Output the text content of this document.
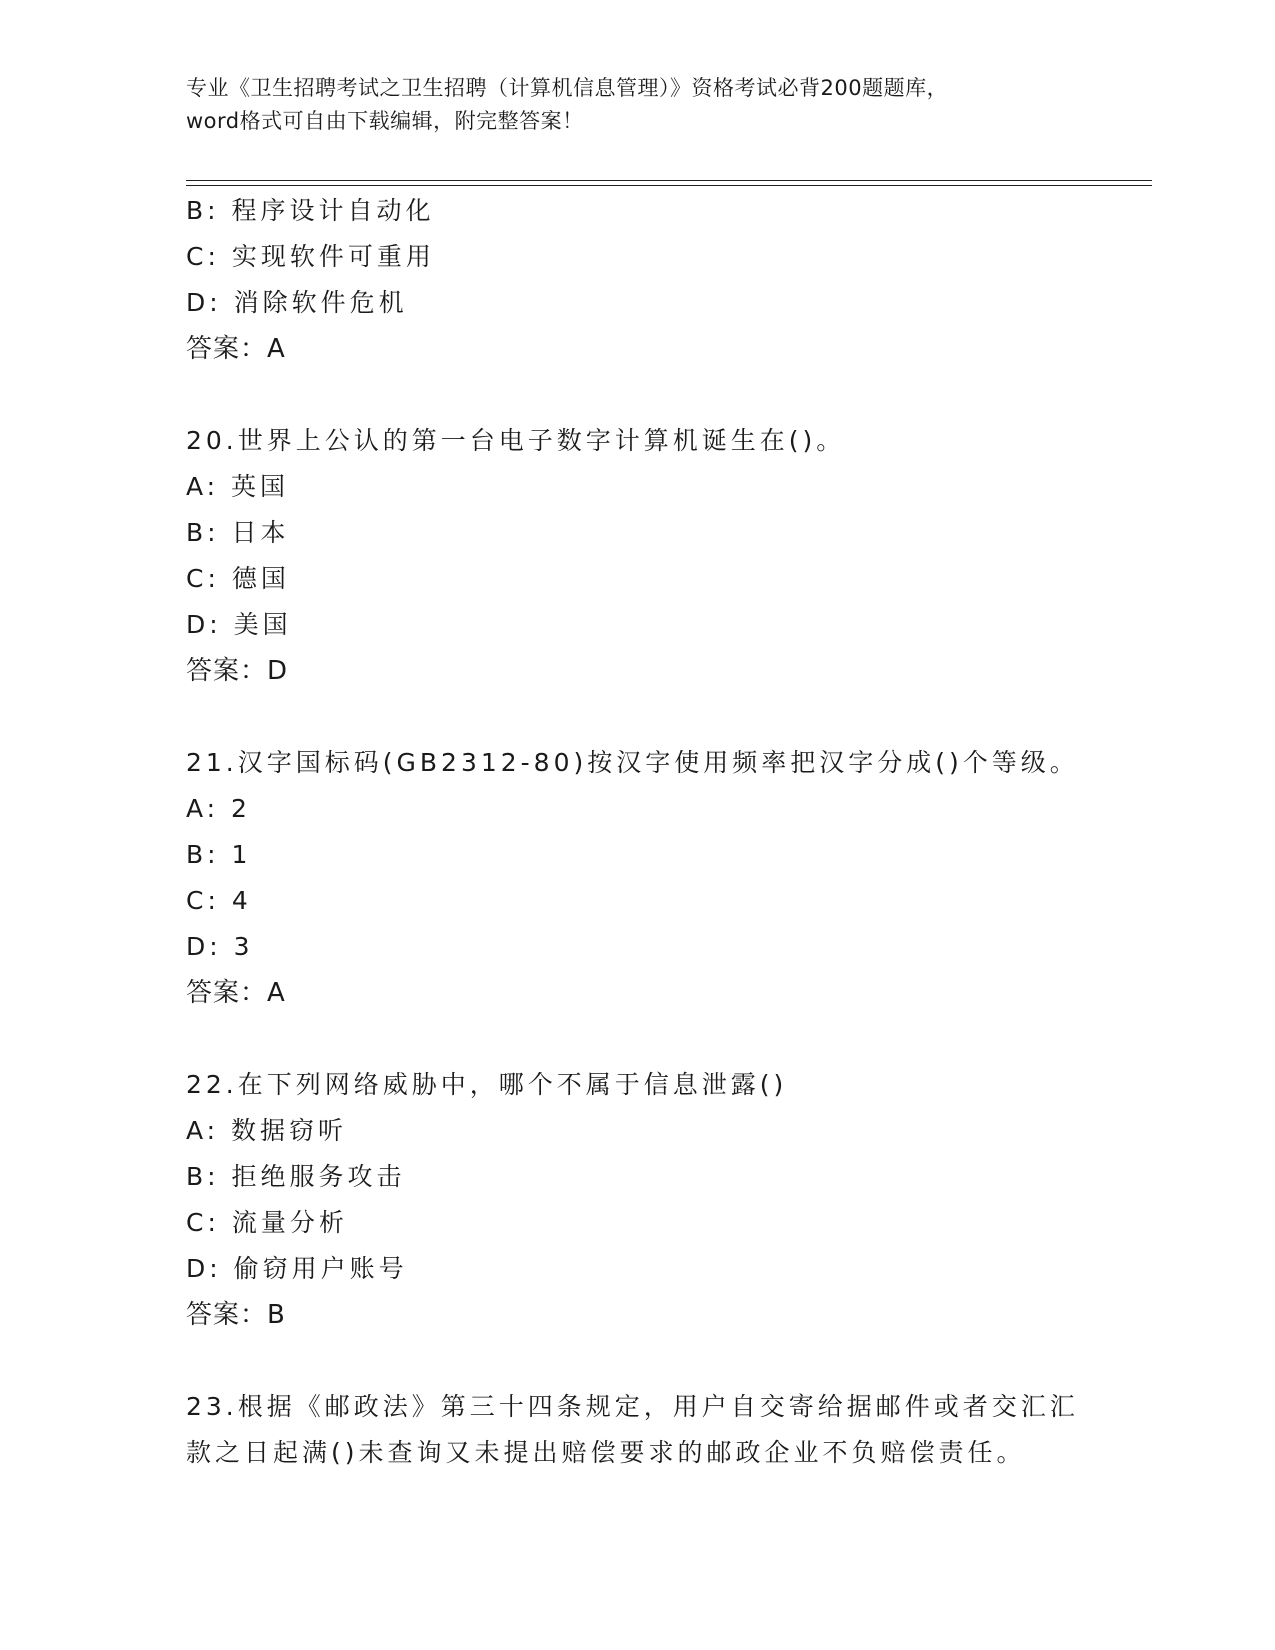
专业《卫生招聘考试之卫生招聘（计算机信息管理）》资格考试必背200题题库，
word格式可自由下载编辑，附完整答案！
B: 程序设计自动化
C: 实现软件可重用
D: 消除软件危机
答案：A
20.世界上公认的第一台电子数字计算机诞生在()。
A: 英国
B: 日本
C: 德国
D: 美国
答案：D
21.汉字国标码(GB2312-80)按汉字使用频率把汉字分成()个等级。
A: 2
B: 1
C: 4
D: 3
答案：A
22.在下列网络威胁中，哪个不属于信息泄露()
A: 数据窃听
B: 拒绝服务攻击
C: 流量分析
D: 偷窃用户账号
答案：B
23.根据《邮政法》第三十四条规定，用户自交寄给据邮件或者交汇汇款之日起满()未查询又未提出赔偿要求的邮政企业不负赔偿责任。
